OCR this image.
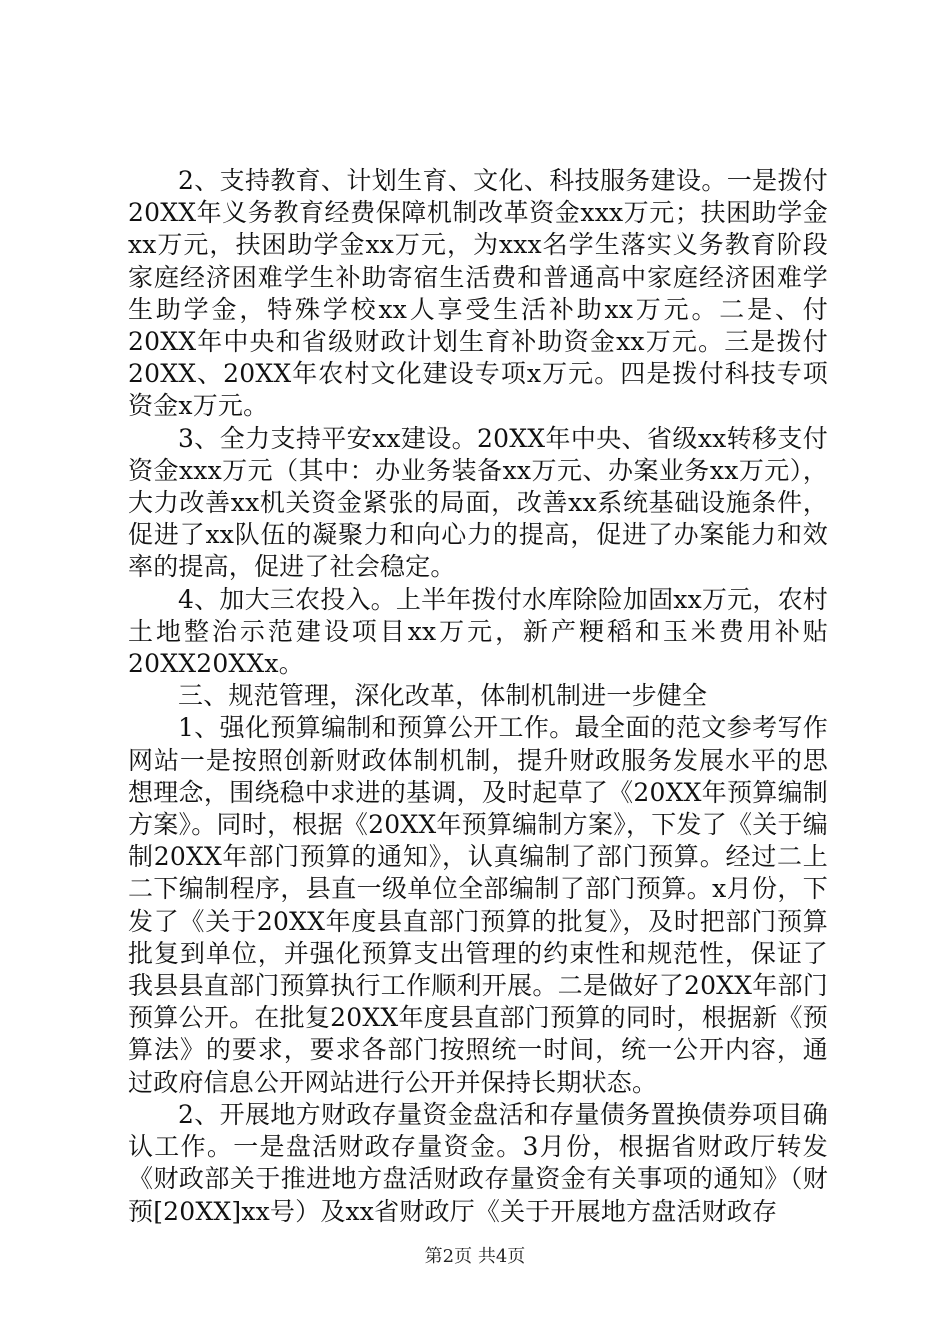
2、支持教育、计划生育、文化、科技服务建设。一是拨付20XX年义务教育经费保障机制改革资金xxx万元；扶困助学金xx万元，扶困助学金xx万元，为xxx名学生落实义务教育阶段家庭经济困难学生补助寄宿生活费和普通高中家庭经济困难学生助学金，特殊学校xx人享受生活补助xx万元。二是、付20XX年中央和省级财政计划生育补助资金xx万元。三是拨付20XX、20XX年农村文化建设专项x万元。四是拨付科技专项资金x万元。

3、全力支持平安xx建设。20XX年中央、省级xx转移支付资金xxx万元（其中：办业务装备xx万元、办案业务xx万元），大力改善xx机关资金紧张的局面，改善xx系统基础设施条件，促进了xx队伍的凝聚力和向心力的提高，促进了办案能力和效率的提高，促进了社会稳定。

4、加大三农投入。上半年拨付水库除险加固xx万元，农村土地整治示范建设项目xx万元，新产粳稻和玉米费用补贴20XX20XXx。

三、规范管理，深化改革，体制机制进一步健全

1、强化预算编制和预算公开工作。最全面的范文参考写作网站一是按照创新财政体制机制，提升财政服务发展水平的思想理念，围绕稳中求进的基调，及时起草了《20XX年预算编制方案》。同时，根据《20XX年预算编制方案》，下发了《关于编制20XX年部门预算的通知》，认真编制了部门预算。经过二上二下编制程序，县直一级单位全部编制了部门预算。x月份，下发了《关于20XX年度县直部门预算的批复》，及时把部门预算批复到单位，并强化预算支出管理的约束性和规范性，保证了我县县直部门预算执行工作顺利开展。二是做好了20XX年部门预算公开。在批复20XX年度县直部门预算的同时，根据新《预算法》的要求，要求各部门按照统一时间，统一公开内容，通过政府信息公开网站进行公开并保持长期状态。

2、开展地方财政存量资金盘活和存量债务置换债券项目确认工作。一是盘活财政存量资金。3月份，根据省财政厅转发《财政部关于推进地方盘活财政存量资金有关事项的通知》（财预[20XX]xx号）及xx省财政厅《关于开展地方盘活财政存

第2页 共4页
